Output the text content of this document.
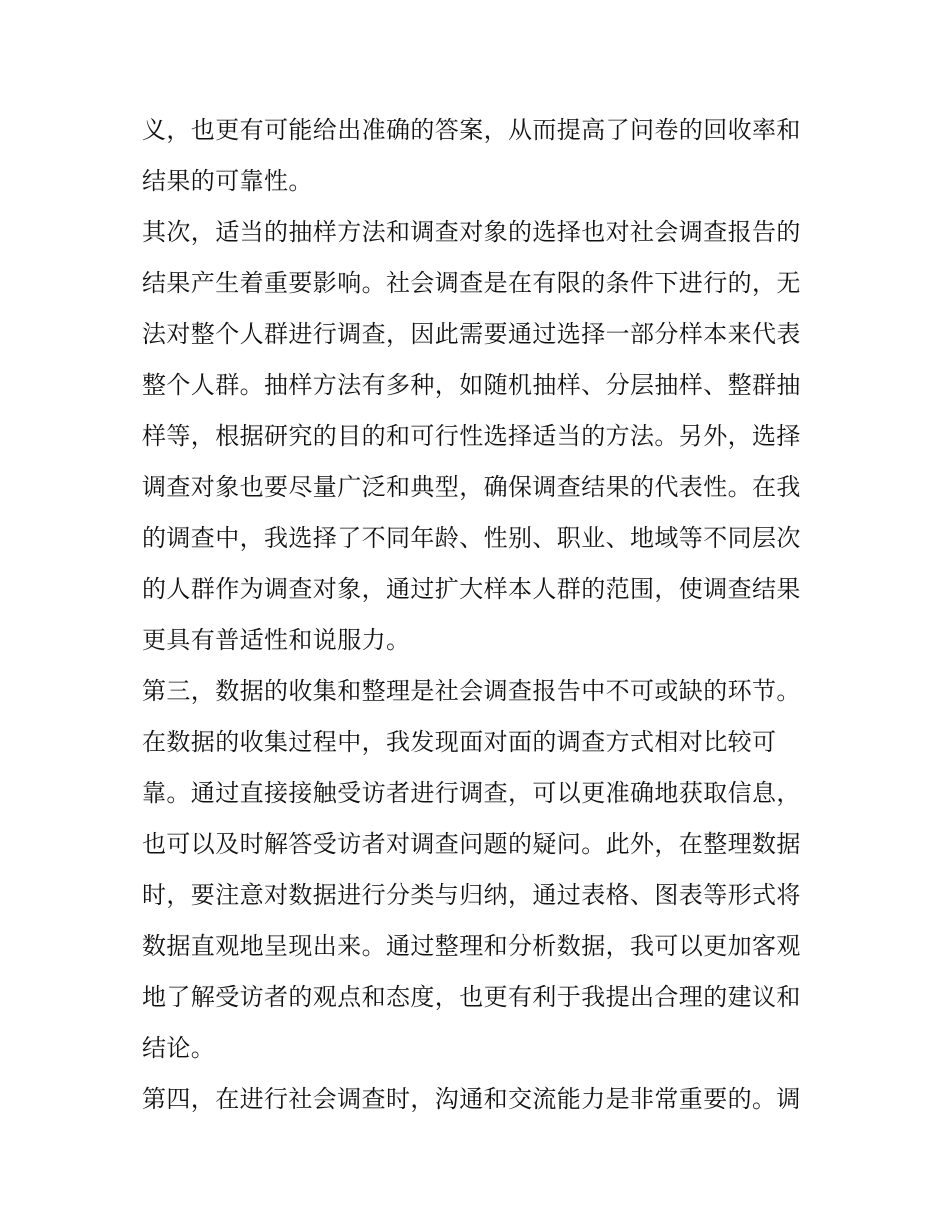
义，也更有可能给出准确的答案，从而提高了问卷的回收率和
结果的可靠性。
其次，适当的抽样方法和调查对象的选择也对社会调查报告的
结果产生着重要影响。社会调查是在有限的条件下进行的，无
法对整个人群进行调查，因此需要通过选择一部分样本来代表
整个人群。抽样方法有多种，如随机抽样、分层抽样、整群抽
样等，根据研究的目的和可行性选择适当的方法。另外，选择
调查对象也要尽量广泛和典型，确保调查结果的代表性。在我
的调查中，我选择了不同年龄、性别、职业、地域等不同层次
的人群作为调查对象，通过扩大样本人群的范围，使调查结果
更具有普适性和说服力。
第三，数据的收集和整理是社会调查报告中不可或缺的环节。
在数据的收集过程中，我发现面对面的调查方式相对比较可
靠。通过直接接触受访者进行调查，可以更准确地获取信息，
也可以及时解答受访者对调查问题的疑问。此外，在整理数据
时，要注意对数据进行分类与归纳，通过表格、图表等形式将
数据直观地呈现出来。通过整理和分析数据，我可以更加客观
地了解受访者的观点和态度，也更有利于我提出合理的建议和
结论。
第四，在进行社会调查时，沟通和交流能力是非常重要的。调
